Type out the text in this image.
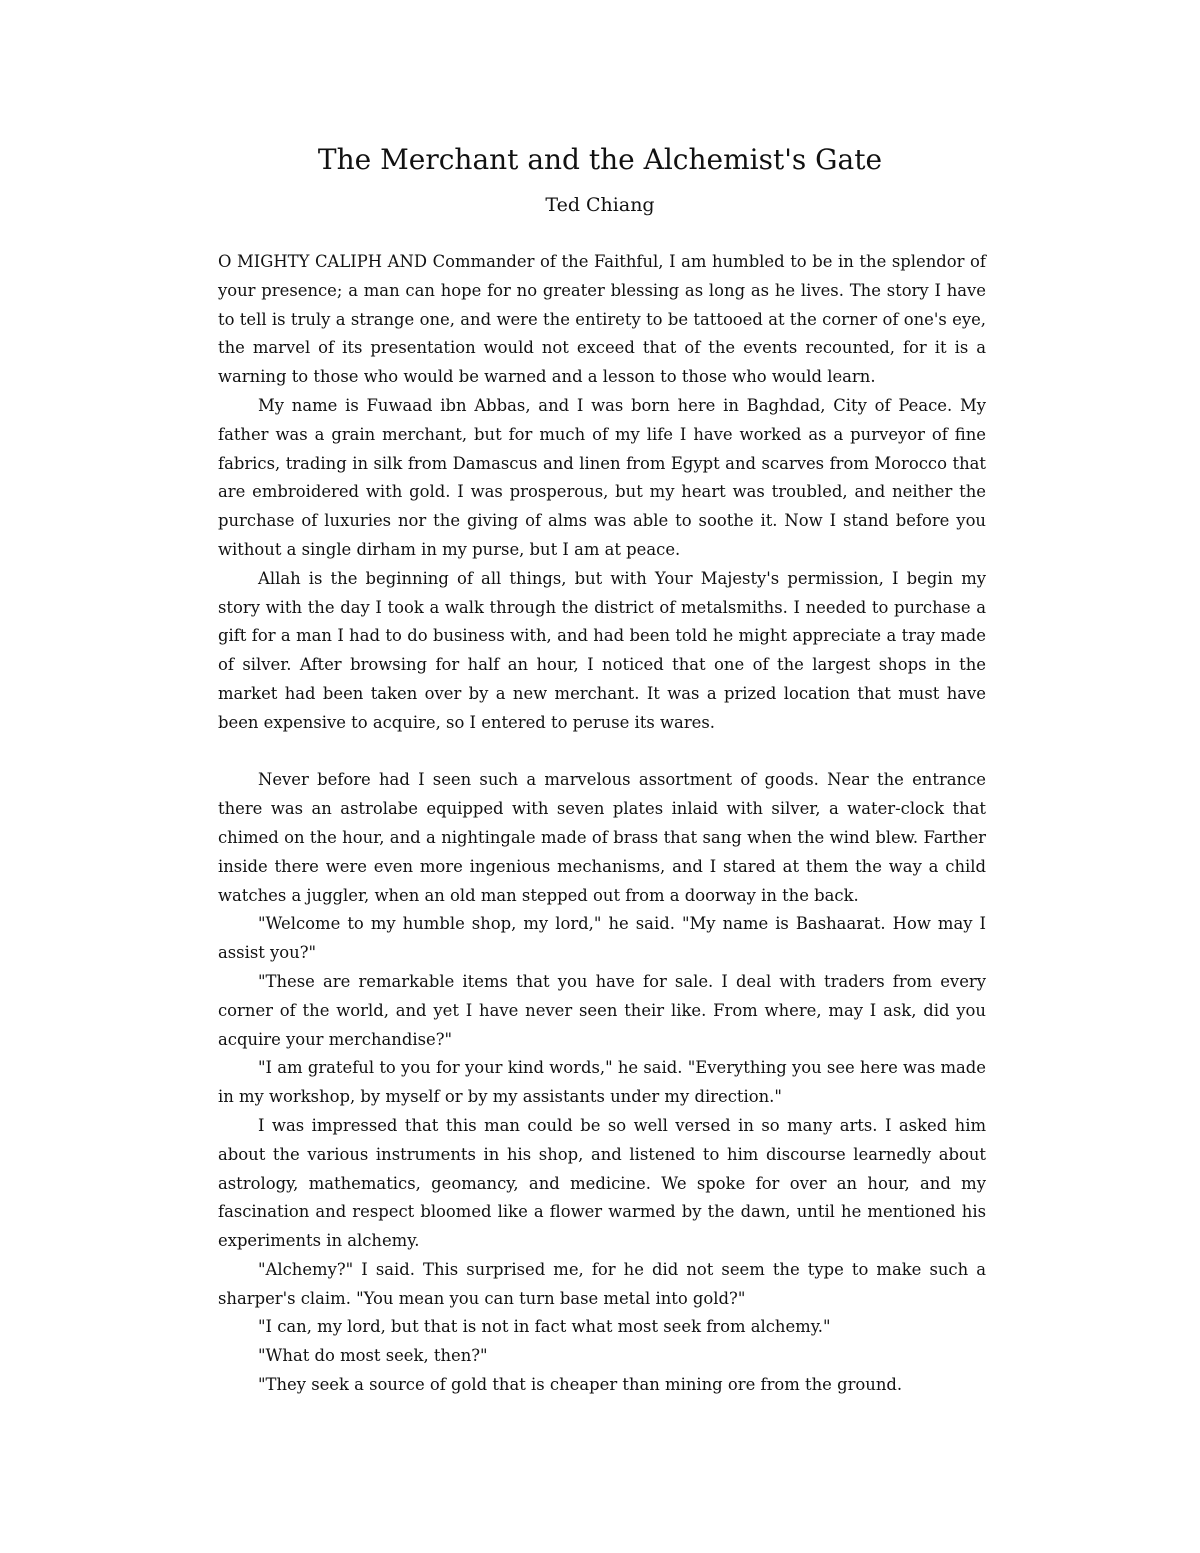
The Merchant and the Alchemist's Gate
Ted Chiang

O MIGHTY CALIPH AND Commander of the Faithful, I am humbled to be in the splendor of your presence; a man can hope for no greater blessing as long as he lives. The story I have to tell is truly a strange one, and were the entirety to be tattooed at the corner of one's eye, the marvel of its presentation would not exceed that of the events recounted, for it is a warning to those who would be warned and a lesson to those who would learn.

My name is Fuwaad ibn Abbas, and I was born here in Baghdad, City of Peace. My father was a grain merchant, but for much of my life I have worked as a purveyor of fine fabrics, trading in silk from Damascus and linen from Egypt and scarves from Morocco that are embroidered with gold. I was prosperous, but my heart was troubled, and neither the purchase of luxuries nor the giving of alms was able to soothe it. Now I stand before you without a single dirham in my purse, but I am at peace.

Allah is the beginning of all things, but with Your Majesty's permission, I begin my story with the day I took a walk through the district of metalsmiths. I needed to purchase a gift for a man I had to do business with, and had been told he might appreciate a tray made of silver. After browsing for half an hour, I noticed that one of the largest shops in the market had been taken over by a new merchant. It was a prized location that must have been expensive to acquire, so I entered to peruse its wares.

Never before had I seen such a marvelous assortment of goods. Near the entrance there was an astrolabe equipped with seven plates inlaid with silver, a water-clock that chimed on the hour, and a nightingale made of brass that sang when the wind blew. Farther inside there were even more ingenious mechanisms, and I stared at them the way a child watches a juggler, when an old man stepped out from a doorway in the back.

"Welcome to my humble shop, my lord," he said. "My name is Bashaarat. How may I assist you?"

"These are remarkable items that you have for sale. I deal with traders from every corner of the world, and yet I have never seen their like. From where, may I ask, did you acquire your merchandise?"

"I am grateful to you for your kind words," he said. "Everything you see here was made in my workshop, by myself or by my assistants under my direction."

I was impressed that this man could be so well versed in so many arts. I asked him about the various instruments in his shop, and listened to him discourse learnedly about astrology, mathematics, geomancy, and medicine. We spoke for over an hour, and my fascination and respect bloomed like a flower warmed by the dawn, until he mentioned his experiments in alchemy.

"Alchemy?" I said. This surprised me, for he did not seem the type to make such a sharper's claim. "You mean you can turn base metal into gold?"

"I can, my lord, but that is not in fact what most seek from alchemy."

"What do most seek, then?"

"They seek a source of gold that is cheaper than mining ore from the ground.
